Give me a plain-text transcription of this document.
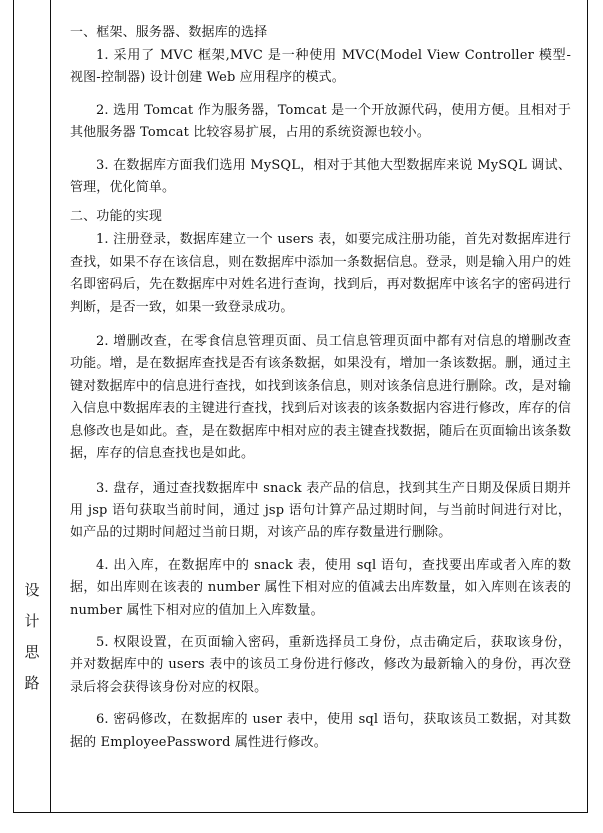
设
计
思
路

一、框架、服务器、数据库的选择

1. 采用了 MVC 框架,MVC 是一种使用 MVC(Model View Controller 模型-视图-控制器) 设计创建 Web 应用程序的模式。

2. 选用 Tomcat 作为服务器，Tomcat 是一个开放源代码，使用方便。且相对于其他服务器 Tomcat 比较容易扩展，占用的系统资源也较小。

3. 在数据库方面我们选用 MySQL，相对于其他大型数据库来说 MySQL 调试、管理，优化简单。

二、功能的实现

1. 注册登录，数据库建立一个 users 表，如要完成注册功能，首先对数据库进行查找，如果不存在该信息，则在数据库中添加一条数据信息。登录，则是输入用户的姓名即密码后，先在数据库中对姓名进行查询，找到后，再对数据库中该名字的密码进行判断，是否一致，如果一致登录成功。

2. 增删改查，在零食信息管理页面、员工信息管理页面中都有对信息的增删改查功能。增，是在数据库查找是否有该条数据，如果没有，增加一条该数据。删，通过主键对数据库中的信息进行查找，如找到该条信息，则对该条信息进行删除。改，是对输入信息中数据库表的主键进行查找，找到后对该表的该条数据内容进行修改，库存的信息修改也是如此。查，是在数据库中相对应的表主键查找数据，随后在页面输出该条数据，库存的信息查找也是如此。

3. 盘存，通过查找数据库中 snack 表产品的信息，找到其生产日期及保质日期并用 jsp 语句获取当前时间，通过 jsp 语句计算产品过期时间，与当前时间进行对比，如产品的过期时间超过当前日期，对该产品的库存数量进行删除。

4. 出入库，在数据库中的 snack 表，使用 sql 语句，查找要出库或者入库的数据，如出库则在该表的 number 属性下相对应的值减去出库数量，如入库则在该表的 number 属性下相对应的值加上入库数量。

5. 权限设置，在页面输入密码，重新选择员工身份，点击确定后，获取该身份，并对数据库中的 users 表中的该员工身份进行修改，修改为最新输入的身份，再次登录后将会获得该身份对应的权限。

6. 密码修改，在数据库的 user 表中，使用 sql 语句，获取该员工数据，对其数据的 EmployeePassword 属性进行修改。
